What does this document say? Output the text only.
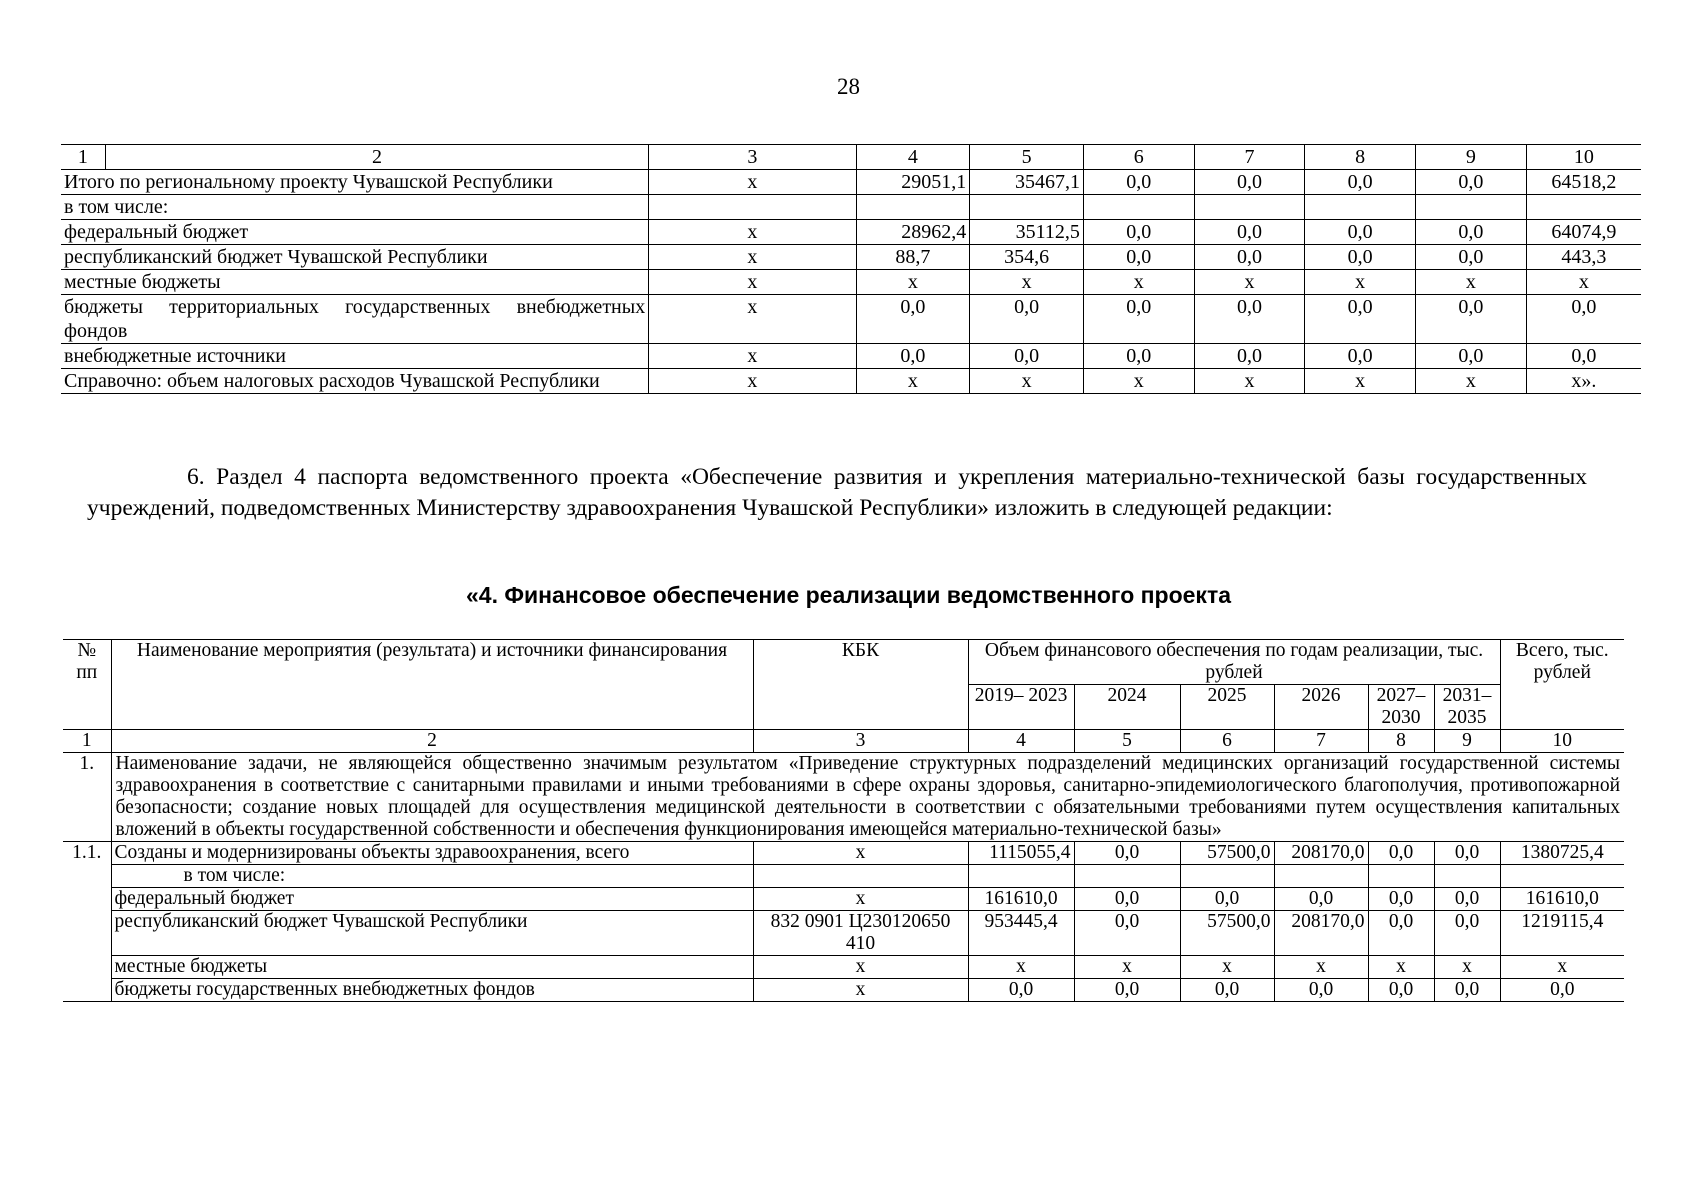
28
1	2	3	4	5	6	7	8	9	10
Итого по региональному проекту Чувашской Республики		х	29051,1	35467,1	0,0	0,0	0,0	0,0	64518,2
в том числе:									
федеральный бюджет		х	28962,4	35112,5	0,0	0,0	0,0	0,0	64074,9
республиканский бюджет Чувашской Республики		х	88,7	354,6	0,0	0,0	0,0	0,0	443,3
местные бюджеты		х	х	х	х	х	х	х	х
бюджеты территориальных государственных внебюджетных фондов		х	0,0	0,0	0,0	0,0	0,0	0,0	0,0
внебюджетные источники		х	0,0	0,0	0,0	0,0	0,0	0,0	0,0
Справочно: объем налоговых расходов Чувашской Республики		х	х	х	х	х	х	х	х».
6. Раздел 4 паспорта ведомственного проекта «Обеспечение развития и укрепления материально-технической базы государственных учреждений, подведомственных Министерству здравоохранения Чувашской Республики» изложить в следующей редакции:
«4. Финансовое обеспечение реализации ведомственного проекта
№ пп	Наименование мероприятия (результата) и источники финансирования	КБК	Объем финансового обеспечения по годам реализации, тыс. рублей						Всего, тыс. рублей
			2019– 2023	2024	2025	2026	2027– 2030	2031– 2035	
1	2	3	4	5	6	7	8	9	10
1.	Наименование задачи, не являющейся общественно значимым результатом «Приведение структурных подразделений медицинских организаций государственной системы здравоохранения в соответствие с санитарными правилами и иными требованиями в сфере охраны здоровья, санитарно-эпидемиологического благополучия, противопожарной безопасности; создание новых площадей для осуществления медицинской деятельности в соответствии с обязательными требованиями путем осуществления капитальных вложений в объекты государственной собственности и обеспечения функционирования имеющейся материально-технической базы»								
1.1.	Созданы и модернизированы объекты здравоохранения, всего	х	1115055,4	0,0	57500,0	208170,0	0,0	0,0	1380725,4
	в том числе:								
	федеральный бюджет	х	161610,0	0,0	0,0	0,0	0,0	0,0	161610,0
	республиканский бюджет Чувашской Республики	832 0901 Ц230120650 410	953445,4	0,0	57500,0	208170,0	0,0	0,0	1219115,4
	местные бюджеты	х	х	х	х	х	х	х	х
	бюджеты государственных внебюджетных фондов	х	0,0	0,0	0,0	0,0	0,0	0,0	0,0
